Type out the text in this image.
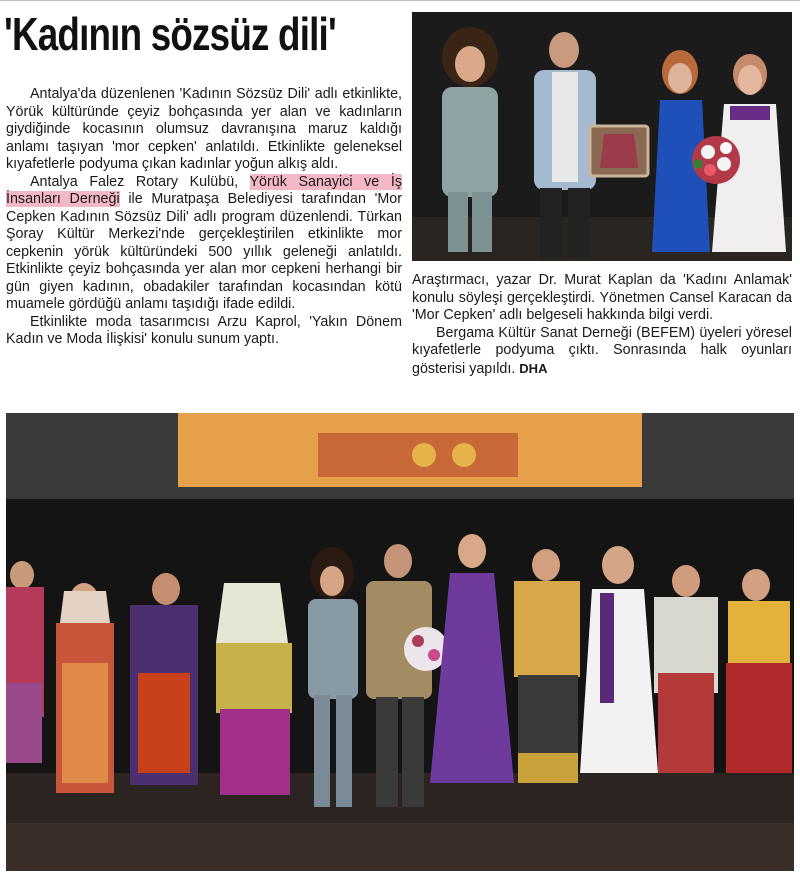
'Kadının sözsüz dili'

Antalya'da düzenlenen 'Kadının Sözsüz Dili' adlı etkinlikte, Yörük kültüründe çeyiz bohçasında yer alan ve kadınların giydiğinde kocasının olumsuz davranışına maruz kaldığı anlamı taşıyan 'mor cepken' anlatıldı. Etkinlikte geleneksel kıyafetlerle podyuma çıkan kadınlar yoğun alkış aldı.

Antalya Falez Rotary Kulübü, Yörük Sanayici ve İş İnsanları Derneği ile Muratpaşa Belediyesi tarafından 'Mor Cepken Kadının Sözsüz Dili' adlı program düzenlendi. Türkan Şoray Kültür Merkezi'nde gerçekleştirilen etkinlikte mor cepkenin yörük kültüründeki 500 yıllık geleneği anlatıldı. Etkinlikte çeyiz bohçasında yer alan mor cepkeni herhangi bir gün giyen kadının, obadakiler tarafından kocasından kötü muamele gördüğü anlamı taşıdığı ifade edildi.

Etkinlikte moda tasarımcısı Arzu Kaprol, 'Yakın Dönem Kadın ve Moda İlişkisi' konulu sunum yaptı.

Araştırmacı, yazar Dr. Murat Kaplan da 'Kadını Anlamak' konulu söyleşi gerçekleştirdi. Yönetmen Cansel Karacan da 'Mor Cepken' adlı belgeseli hakkında bilgi verdi.

Bergama Kültür Sanat Derneği (BEFEM) üyeleri yöresel kıyafetlerle podyuma çıktı. Sonrasında halk oyunları gösterisi yapıldı. DHA
